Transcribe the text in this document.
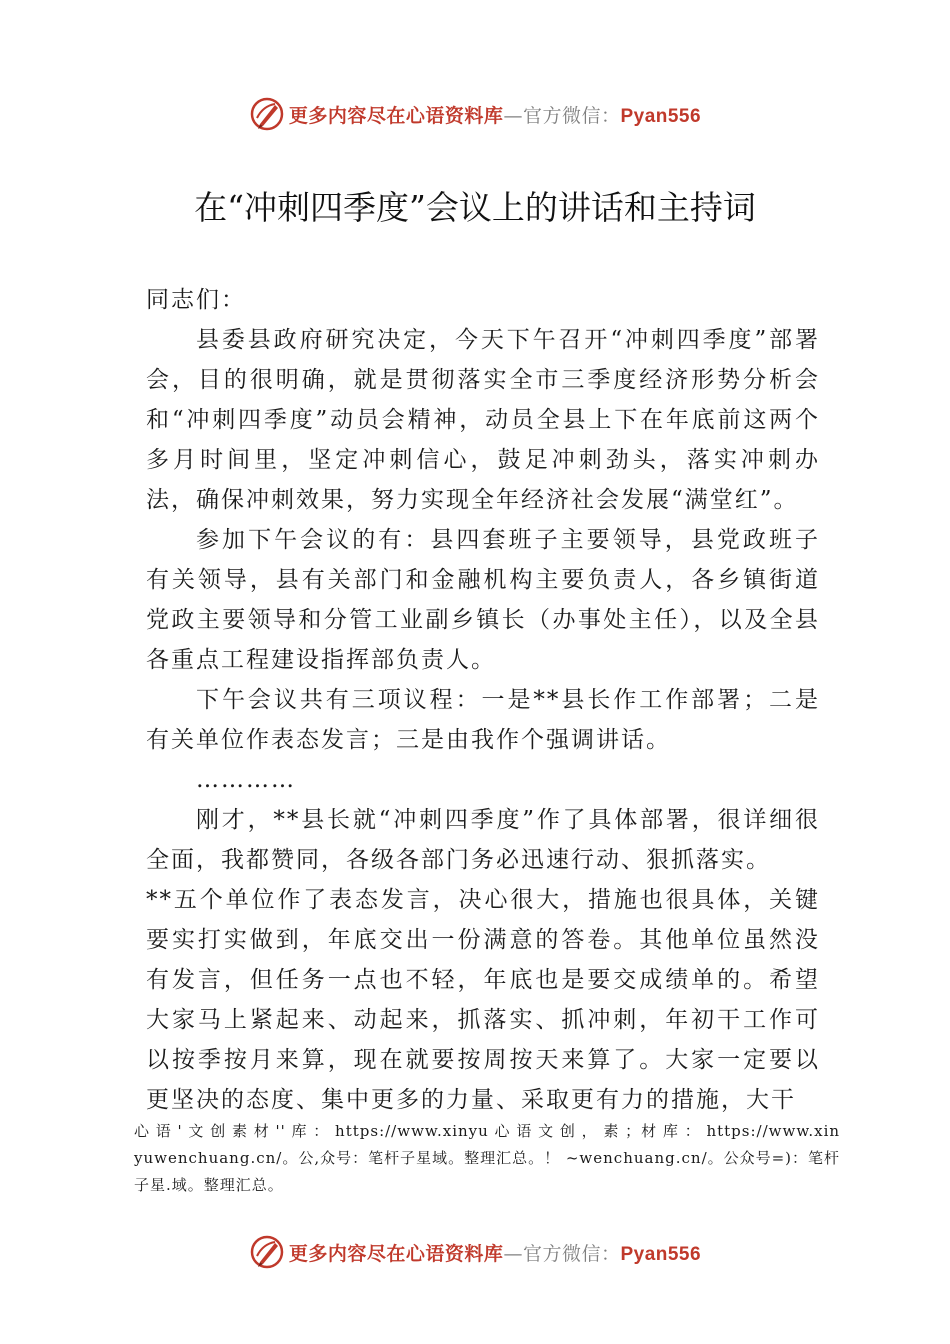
更多内容尽在心语资料库—官方微信：Pyan556
在“冲刺四季度”会议上的讲话和主持词

同志们：

县委县政府研究决定，今天下午召开“冲刺四季度”部署会，目的很明确，就是贯彻落实全市三季度经济形势分析会和“冲刺四季度”动员会精神，动员全县上下在年底前这两个多月时间里，坚定冲刺信心，鼓足冲刺劲头，落实冲刺办法，确保冲刺效果，努力实现全年经济社会发展“满堂红”。

参加下午会议的有：县四套班子主要领导，县党政班子有关领导，县有关部门和金融机构主要负责人，各乡镇街道党政主要领导和分管工业副乡镇长（办事处主任），以及全县各重点工程建设指挥部负责人。

下午会议共有三项议程：一是**县长作工作部署；二是有关单位作表态发言；三是由我作个强调讲话。

…………

刚才，**县长就“冲刺四季度”作了具体部署，很详细很全面，我都赞同，各级各部门务必迅速行动、狠抓落实。

**五个单位作了表态发言，决心很大，措施也很具体，关键要实打实做到，年底交出一份满意的答卷。其他单位虽然没有发言，但任务一点也不轻，年底也是要交成绩单的。希望大家马上紧起来、动起来，抓落实、抓冲刺，年初干工作可以按季按月来算，现在就要按周按天来算了。大家一定要以更坚决的态度、集中更多的力量、采取更有力的措施，大干

心 语 ' 文 创 素 材 '' 库 ： https://www.xinyu 心 语 文 创 ， 素 ；材 库 ： https://www.xinyuwenchuang.cn/。公,众号：笔杆子星域。整理汇总。！ ~wenchuang.cn/。公众号=)：笔杆子星.域。整理汇总。
更多内容尽在心语资料库—官方微信：Pyan556
